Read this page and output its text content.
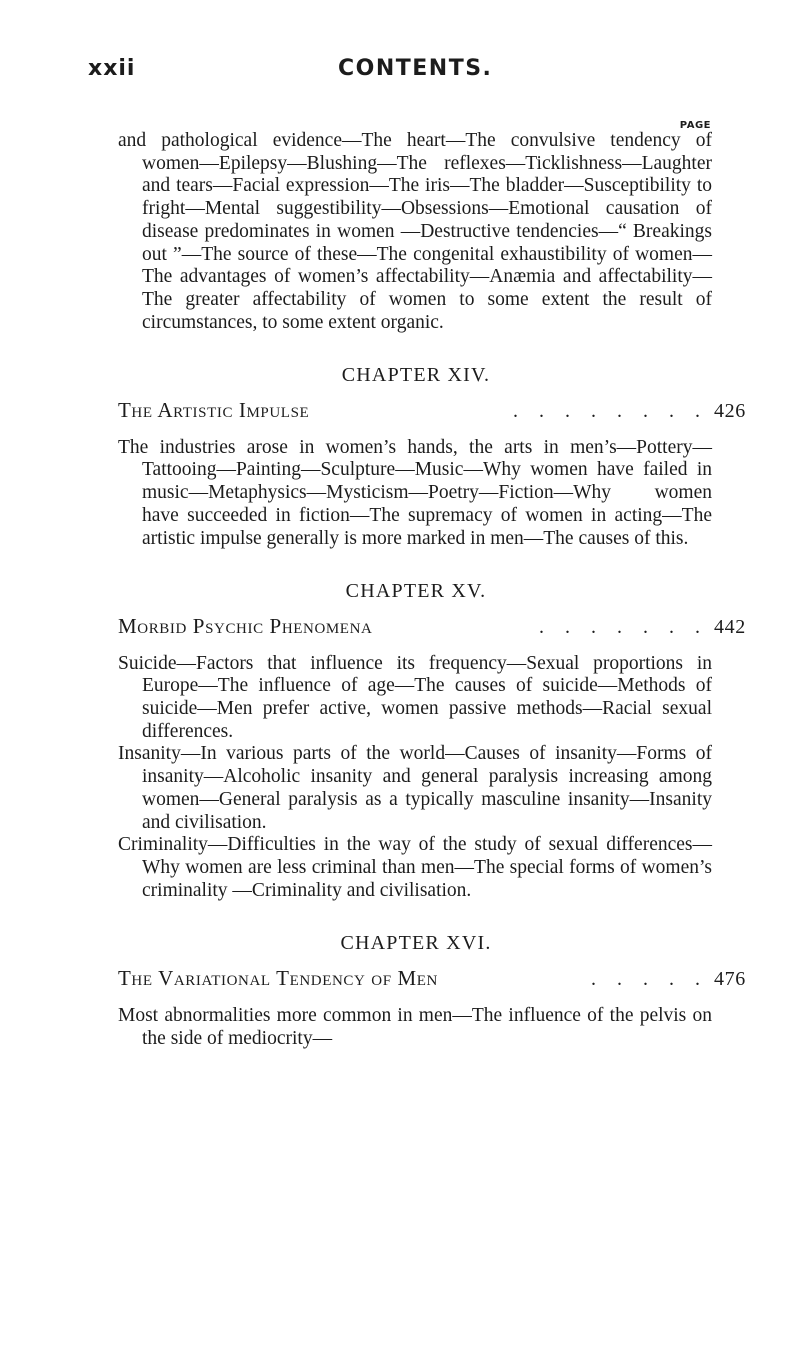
xxii	CONTENTS.
PAGE

and pathological evidence—The heart—The convulsive tendency of women—Epilepsy—Blushing—The reflexes—Ticklishness—Laughter and tears—Facial expression—The iris—The bladder—Susceptibility to fright—Mental suggestibility—Obsessions—Emotional causation of disease predominates in women —Destructive tendencies—“ Breakings out ”—The source of these—The congenital exhaustibility of women—The advantages of women’s affectability—Anæmia and affectability—The greater affectability of women to some extent the result of circumstances, to some extent organic.

CHAPTER XIV.
The Artistic Impulse	. . . . . . . . 426

The industries arose in women’s hands, the arts in men’s—Pottery—Tattooing—Painting—Sculpture—Music—Why women have failed in music—Metaphysics—Mysticism—Poetry—Fiction—Why women have succeeded in fiction—The supremacy of women in acting—The artistic impulse generally is more marked in men—The causes of this.

CHAPTER XV.
Morbid Psychic Phenomena	. . . . . . . 442

Suicide—Factors that influence its frequency—Sexual proportions in Europe—The influence of age—The causes of suicide—Methods of suicide—Men prefer active, women passive methods—Racial sexual differences.

Insanity—In various parts of the world—Causes of insanity—Forms of insanity—Alcoholic insanity and general paralysis increasing among women—General paralysis as a typically masculine insanity—Insanity and civilisation.

Criminality—Difficulties in the way of the study of sexual differences—Why women are less criminal than men—The special forms of women’s criminality —Criminality and civilisation.

CHAPTER XVI.
The Variational Tendency of Men	. . . . . 476

Most abnormalities more common in men—The influence of the pelvis on the side of mediocrity—
